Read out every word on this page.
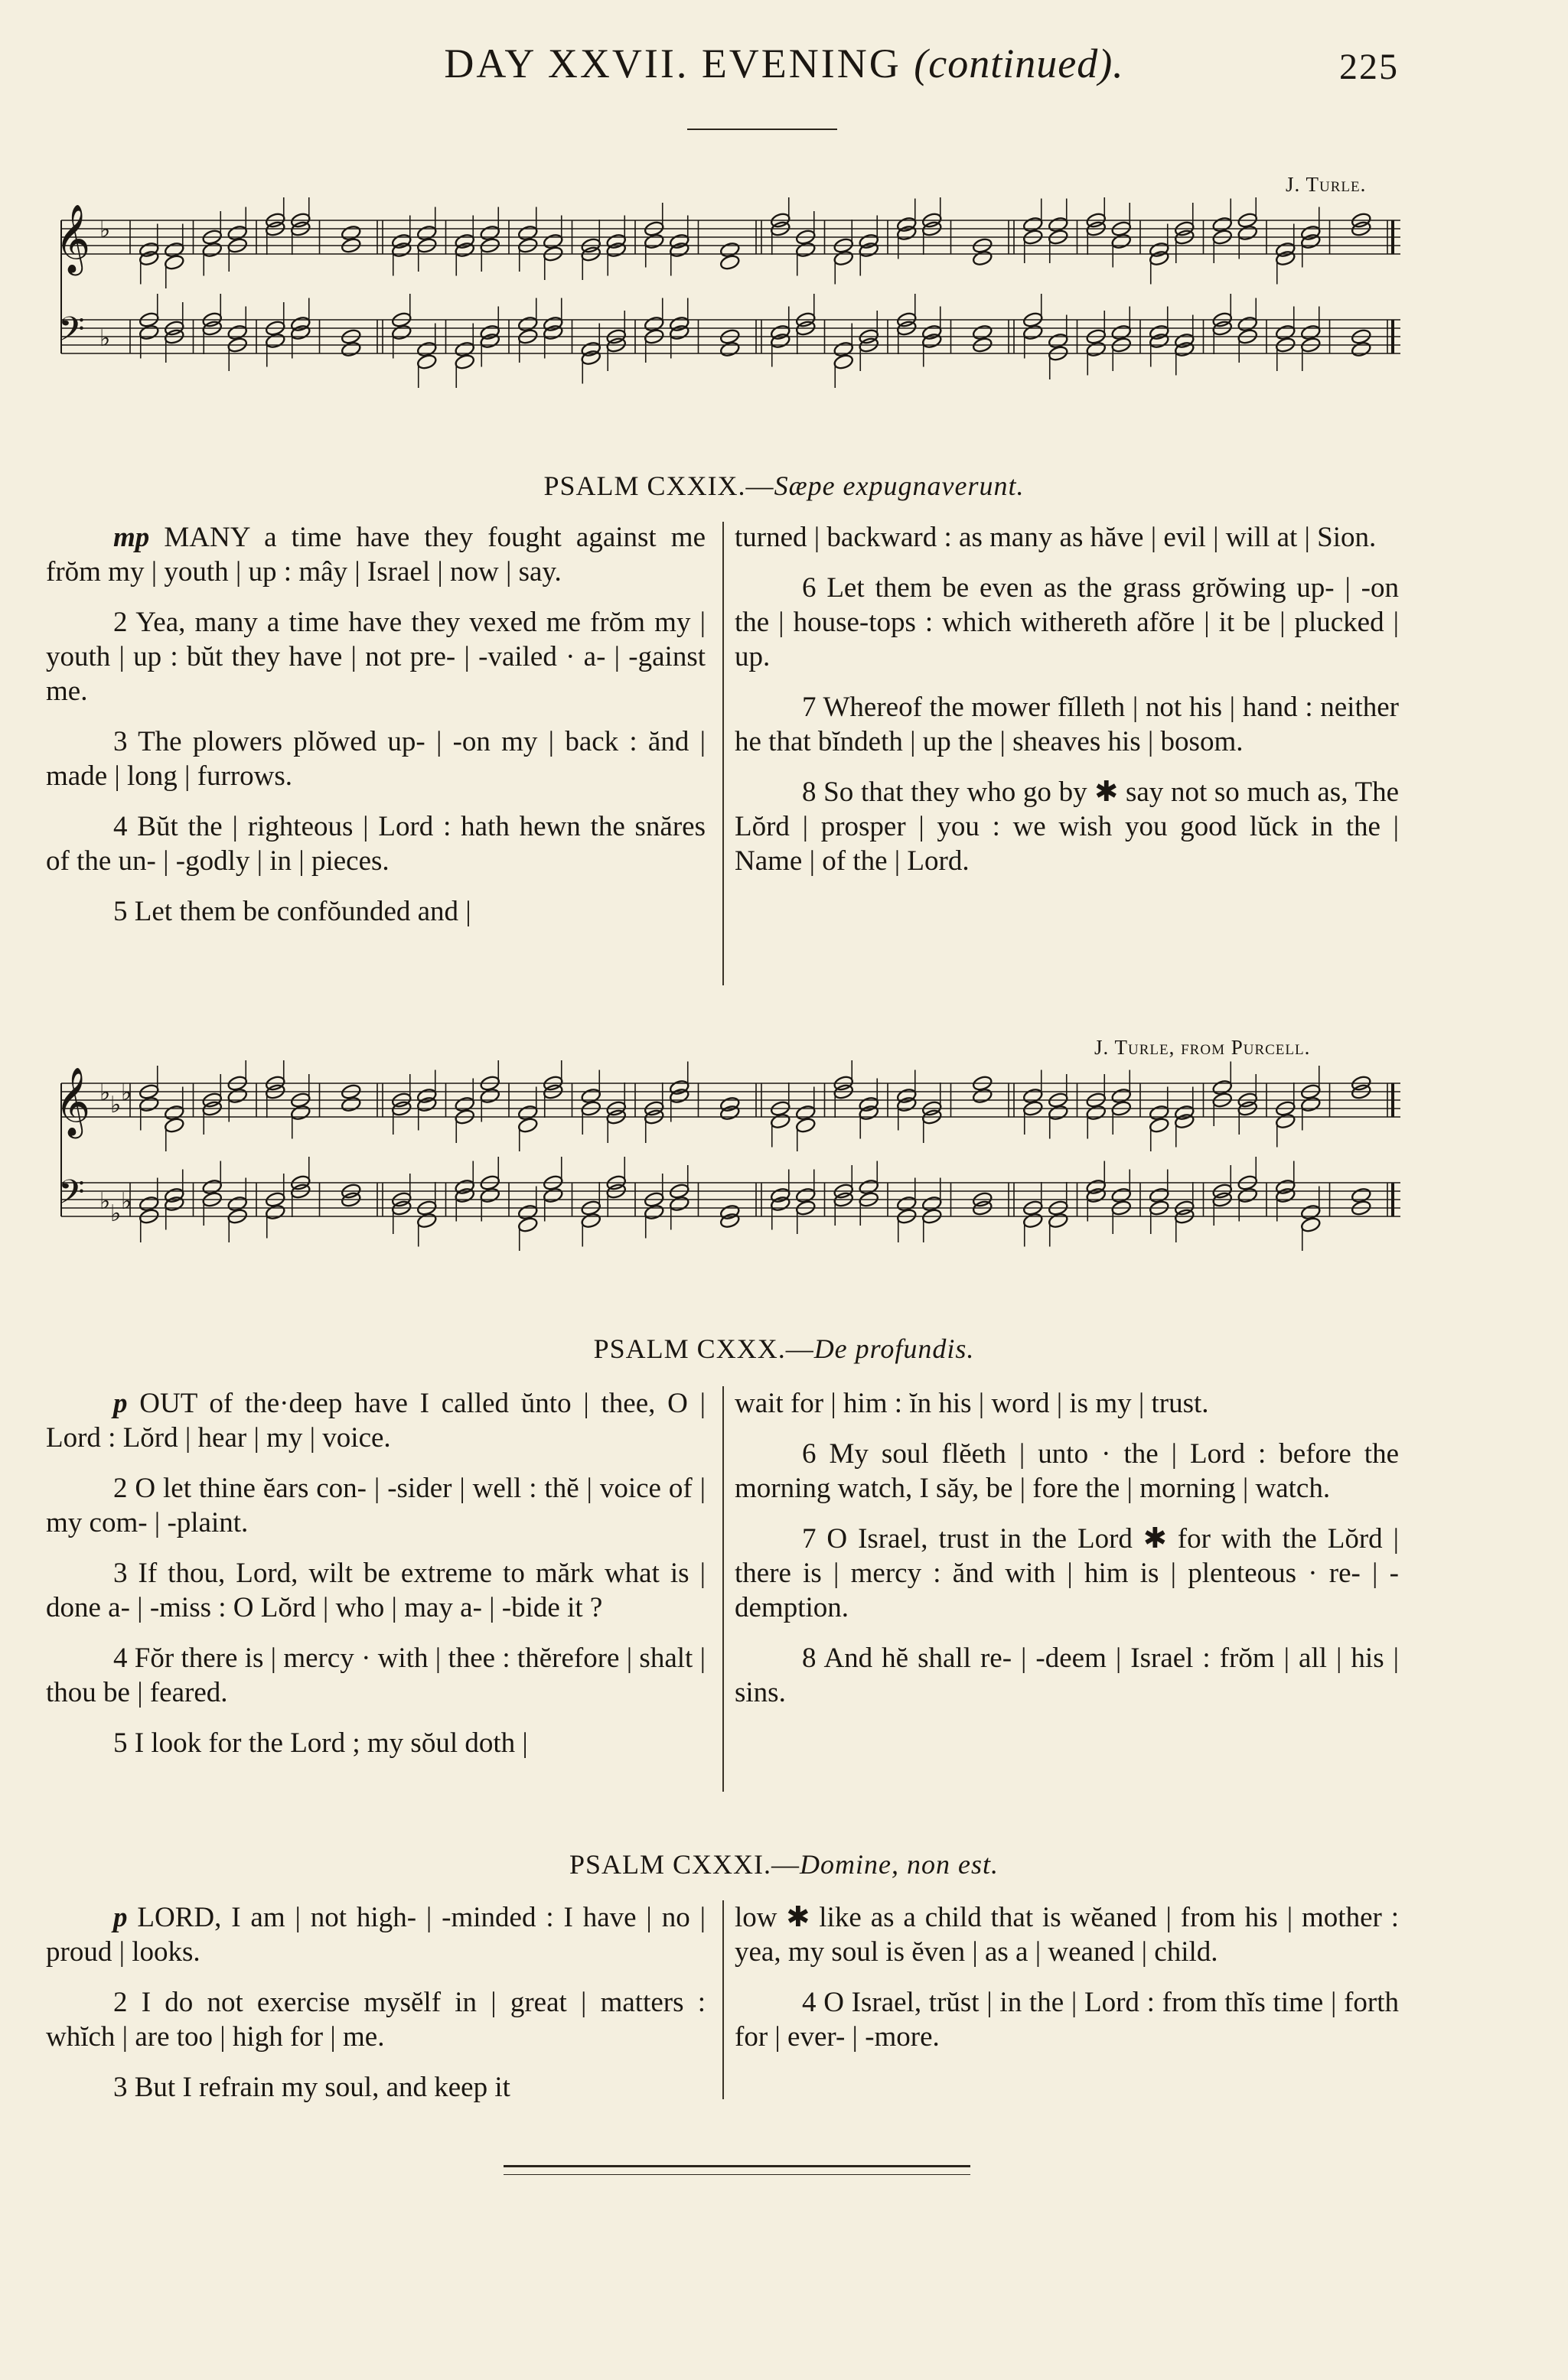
DAY XXVII. EVENING (continued).	225
J. Turle.
𝄞
𝄢
♭
♭
PSALM CXXIX.—Sæpe expugnaverunt.

mp MANY a time have they fought against me frŏm my | youth | up : mây | Israel | now | say.

2 Yea, many a time have they vexed me frŏm my | youth | up : bŭt they have | not pre- | -vailed · a- | -gainst me.

3 The plowers plŏwed up- | -on my | back : ănd | made | long | furrows.

4 Bŭt the | righteous | Lord : hath hewn the snăres of the un- | -godly | in | pieces.

5 Let them be confŏunded and |

turned | backward : as many as hăve | evil | will at | Sion.

6 Let them be even as the grass grŏwing up- | -on the | house-tops : which withereth afŏre | it be | plucked | up.

7 Whereof the mower fĭlleth | not his | hand : neither he that bĭndeth | up the | sheaves his | bosom.

8 So that they who go by ✱ say not so much as, The Lŏrd | prosper | you : we wish you good lŭck in the | Name | of the | Lord.

J. Turle, from Purcell.
𝄞
𝄢
♭
♭
♭
♭
♭
♭
PSALM CXXX.—De profundis.

p OUT of the·deep have I called ŭnto | thee, O | Lord : Lŏrd | hear | my | voice.

2 O let thine ĕars con- | -sider | well : thĕ | voice of | my com- | -plaint.

3 If thou, Lord, wilt be extreme to mărk what is | done a- | -miss : O Lŏrd | who | may a- | -bide it ?

4 Fŏr there is | mercy · with | thee : thĕrefore | shalt | thou be | feared.

5 I look for the Lord ; my sŏul doth |

wait for | him : ĭn his | word | is my | trust.

6 My soul flĕeth | unto · the | Lord : before the morning watch, I săy, be | fore the | morning | watch.

7 O Israel, trust in the Lord ✱ for with the Lŏrd | there is | mercy : ănd with | him is | plenteous · re- | -demption.

8 And hĕ shall re- | -deem | Israel : frŏm | all | his | sins.

PSALM CXXXI.—Domine, non est.

p LORD, I am | not high- | -minded : I have | no | proud | looks.

2 I do not exercise mysĕlf in | great | matters : whĭch | are too | high for | me.

3 But I refrain my soul, and keep it

low ✱ like as a child that is wĕaned | from his | mother : yea, my soul is ĕven | as a | weaned | child.

4 O Israel, trŭst | in the | Lord : from thĭs time | forth for | ever- | -more.
